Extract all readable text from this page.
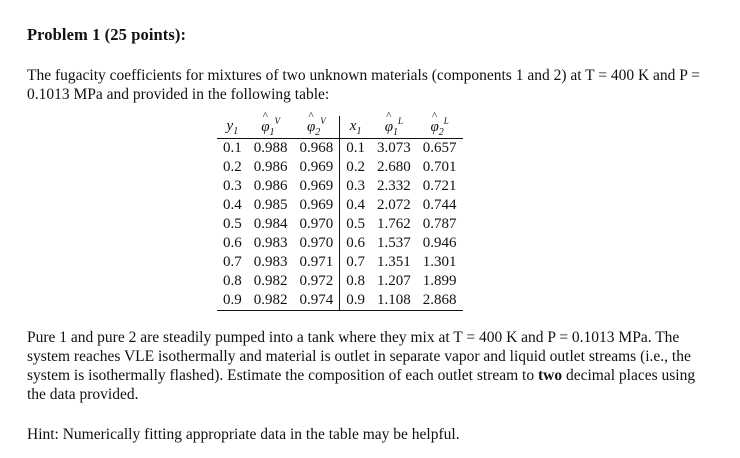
Problem 1 (25 points):
The fugacity coefficients for mixtures of two unknown materials (components 1 and 2) at T = 400 K and P = 0.1013 MPa and provided in the following table:
$y_1$	^ $\varphi_1^V$	^ $\varphi_2^V$	$x_1$	^ $\varphi_1^L$	^ $\varphi_2^L$
0.1	0.988	0.968	0.1	3.073	0.657
0.2	0.986	0.969	0.2	2.680	0.701
0.3	0.986	0.969	0.3	2.332	0.721
0.4	0.985	0.969	0.4	2.072	0.744
0.5	0.984	0.970	0.5	1.762	0.787
0.6	0.983	0.970	0.6	1.537	0.946
0.7	0.983	0.971	0.7	1.351	1.301
0.8	0.982	0.972	0.8	1.207	1.899
0.9	0.982	0.974	0.9	1.108	2.868
Pure 1 and pure 2 are steadily pumped into a tank where they mix at T = 400 K and P = 0.1013 MPa. The system reaches VLE isothermally and material is outlet in separate vapor and liquid outlet streams (i.e., the system is isothermally flashed). Estimate the composition of each outlet stream to two decimal places using the data provided.
Hint: Numerically fitting appropriate data in the table may be helpful.
